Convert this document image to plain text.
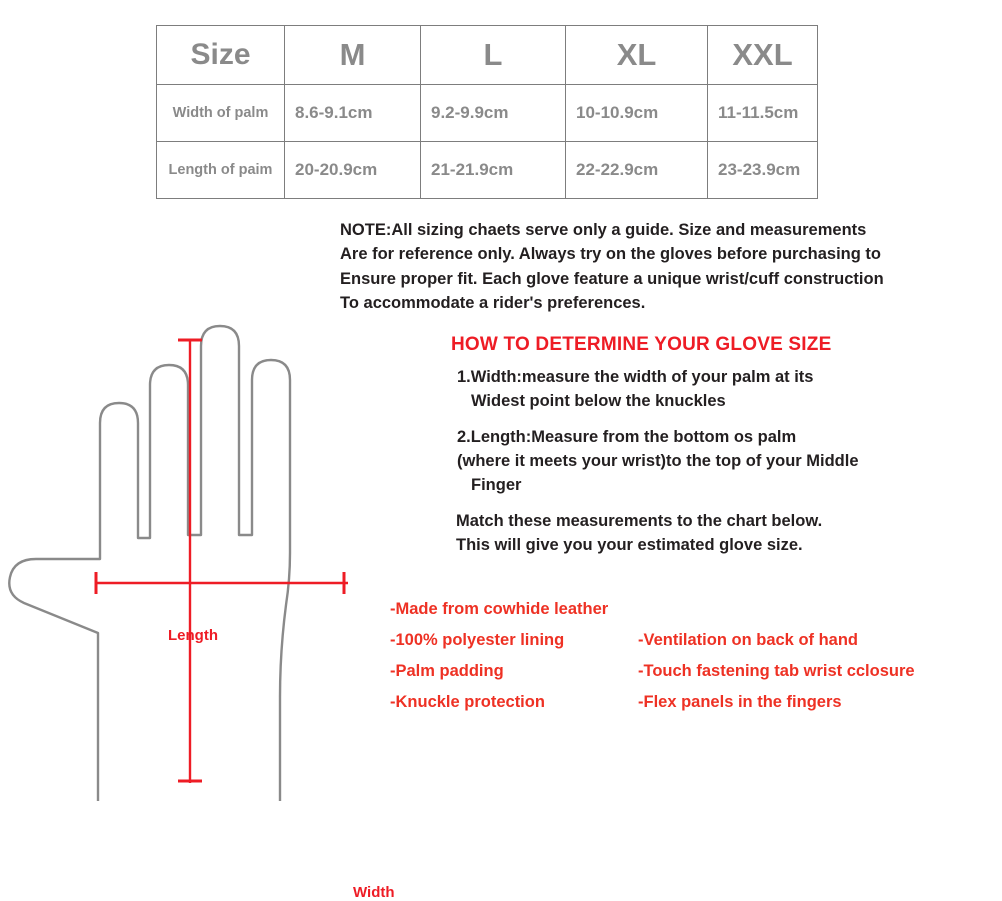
Size	M	L	XL	XXL
Width of palm	8.6-9.1cm	9.2-9.9cm	10-10.9cm	11-11.5cm
Length of paim	20-20.9cm	21-21.9cm	22-22.9cm	23-23.9cm
NOTE:All sizing chaets serve only a guide. Size and measurements
Are for reference only. Always try on the gloves before purchasing to
Ensure proper fit. Each glove feature a unique wrist/cuff construction
To accommodate a rider's preferences.
HOW TO DETERMINE YOUR GLOVE SIZE
1.Width:measure the width of your palm at its
Widest point below the knuckles
2.Length:Measure from the bottom os palm
(where it meets your wrist)to the top of your Middle
Finger
Match these measurements to the chart below.
This will give you your estimated glove size.
-Made from cowhide leather
-100% polyester lining	-Ventilation on back of hand
-Palm padding	-Touch fastening tab wrist cclosure
-Knuckle protection	-Flex panels in the fingers
Length
Width
